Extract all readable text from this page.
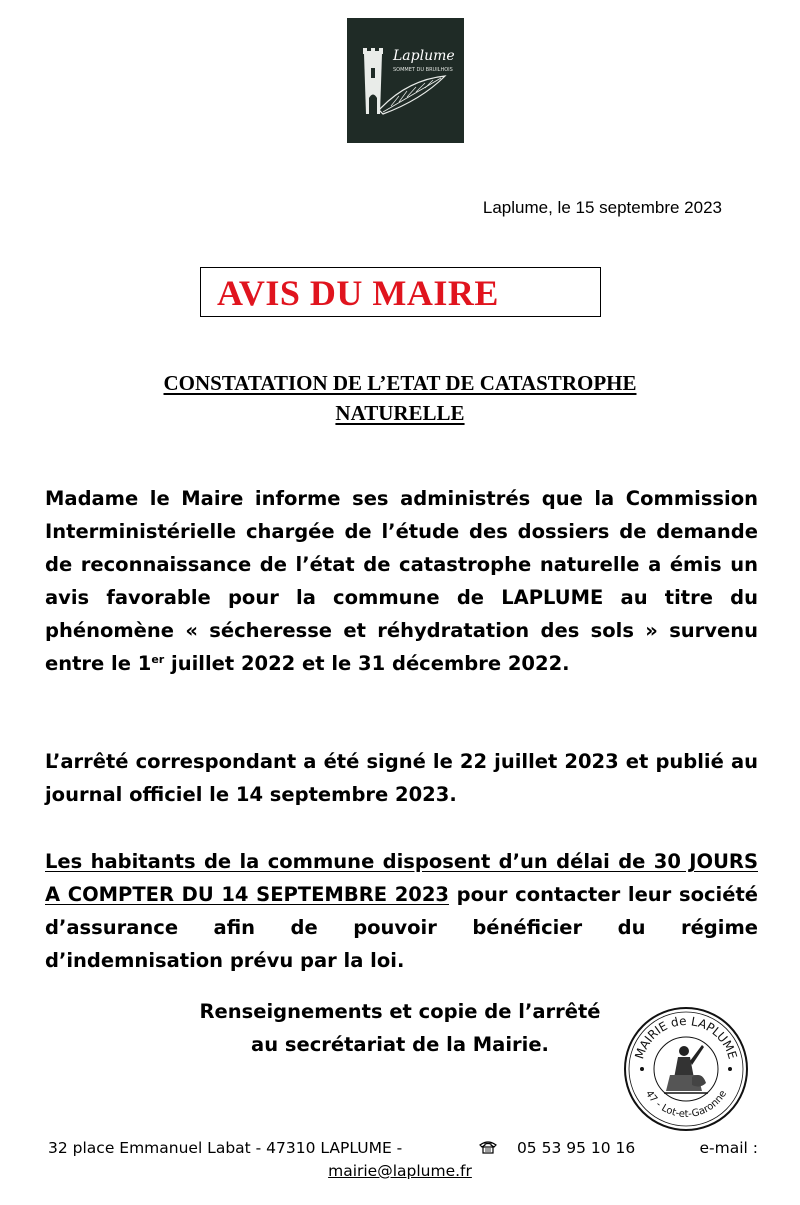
Laplume
SOMMET DU BRUILHOIS
Laplume, le 15 septembre 2023
AVIS DU MAIRE
CONSTATATION DE L’ETAT DE CATASTROPHE
NATURELLE
Madame le Maire informe ses administrés que la Commission Interministérielle chargée de l’étude des dossiers de demande de reconnaissance de l’état de catastrophe naturelle a émis un avis favorable pour la commune de LAPLUME au titre du phénomène « sécheresse et réhydratation des sols » survenu entre le 1er juillet 2022 et le 31 décembre 2022.
L’arrêté correspondant a été signé le 22 juillet 2023 et publié au journal officiel le 14 septembre 2023.
Les habitants de la commune disposent d’un délai de 30 JOURS A COMPTER DU 14 SEPTEMBRE 2023 pour contacter leur société d’assurance afin de pouvoir bénéficier du régime d’indemnisation prévu par la loi.
Renseignements et copie de l’arrêté
au secrétariat de la Mairie.	MAIRIE de LAPLUME
47 - Lot-et-Garonne
32 place Emmanuel Labat - 47310 LAPLUME -	05 53 95 10 16	e-mail :
mairie@laplume.fr
